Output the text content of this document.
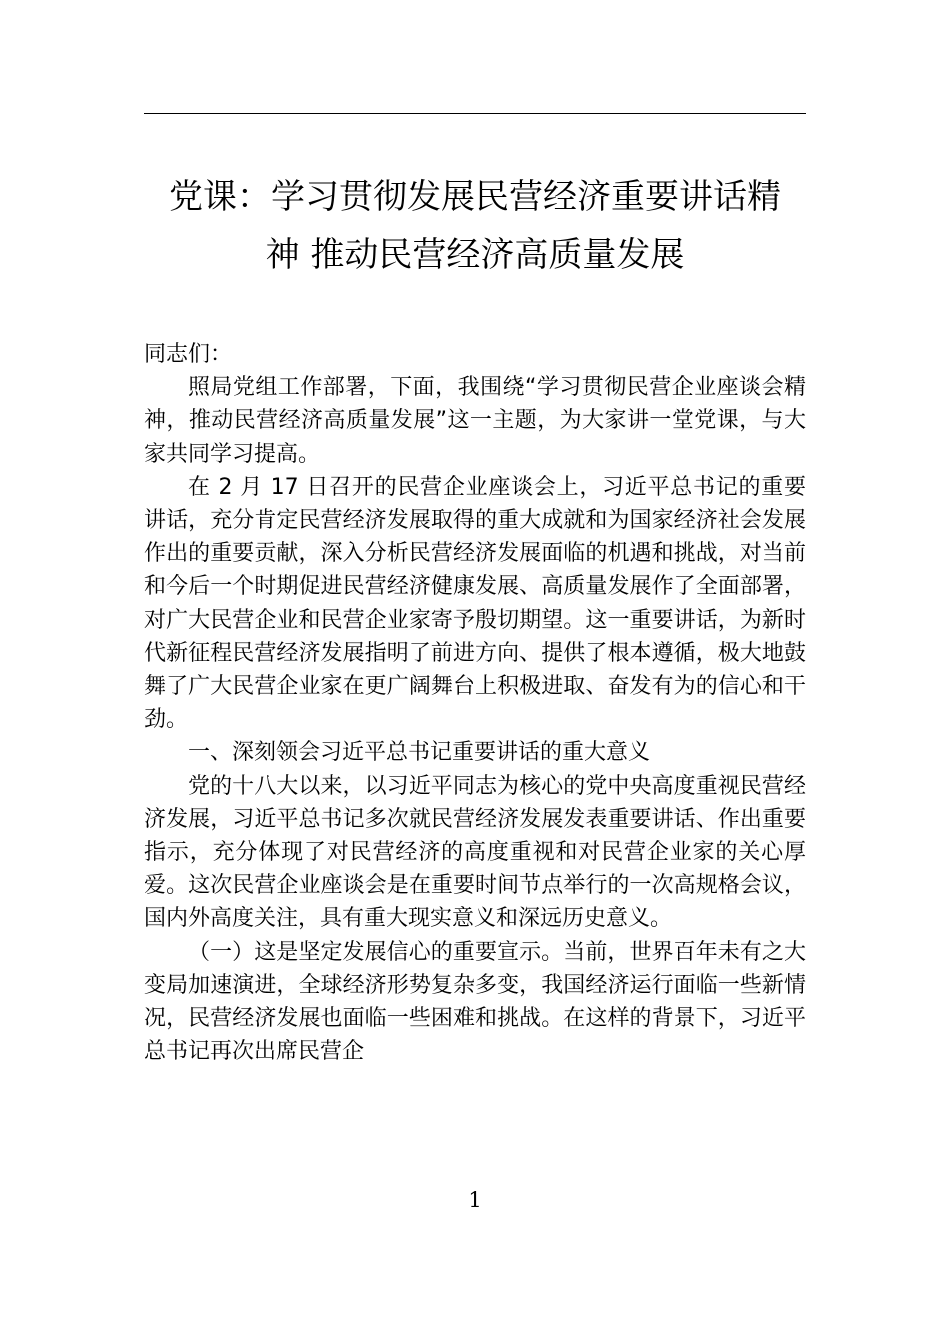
党课：学习贯彻发展民营经济重要讲话精
神 推动民营经济高质量发展

同志们：

照局党组工作部署，下面，我围绕“学习贯彻民营企业座谈会精神，推动民营经济高质量发展”这一主题，为大家讲一堂党课，与大家共同学习提高。

在 2 月 17 日召开的民营企业座谈会上，习近平总书记的重要讲话，充分肯定民营经济发展取得的重大成就和为国家经济社会发展作出的重要贡献，深入分析民营经济发展面临的机遇和挑战，对当前和今后一个时期促进民营经济健康发展、高质量发展作了全面部署，对广大民营企业和民营企业家寄予殷切期望。这一重要讲话，为新时代新征程民营经济发展指明了前进方向、提供了根本遵循，极大地鼓舞了广大民营企业家在更广阔舞台上积极进取、奋发有为的信心和干劲。

一、深刻领会习近平总书记重要讲话的重大意义

党的十八大以来，以习近平同志为核心的党中央高度重视民营经济发展，习近平总书记多次就民营经济发展发表重要讲话、作出重要指示，充分体现了对民营经济的高度重视和对民营企业家的关心厚爱。这次民营企业座谈会是在重要时间节点举行的一次高规格会议，国内外高度关注，具有重大现实意义和深远历史意义。

（一）这是坚定发展信心的重要宣示。当前，世界百年未有之大变局加速演进，全球经济形势复杂多变，我国经济运行面临一些新情况，民营经济发展也面临一些困难和挑战。在这样的背景下，习近平总书记再次出席民营企

1
